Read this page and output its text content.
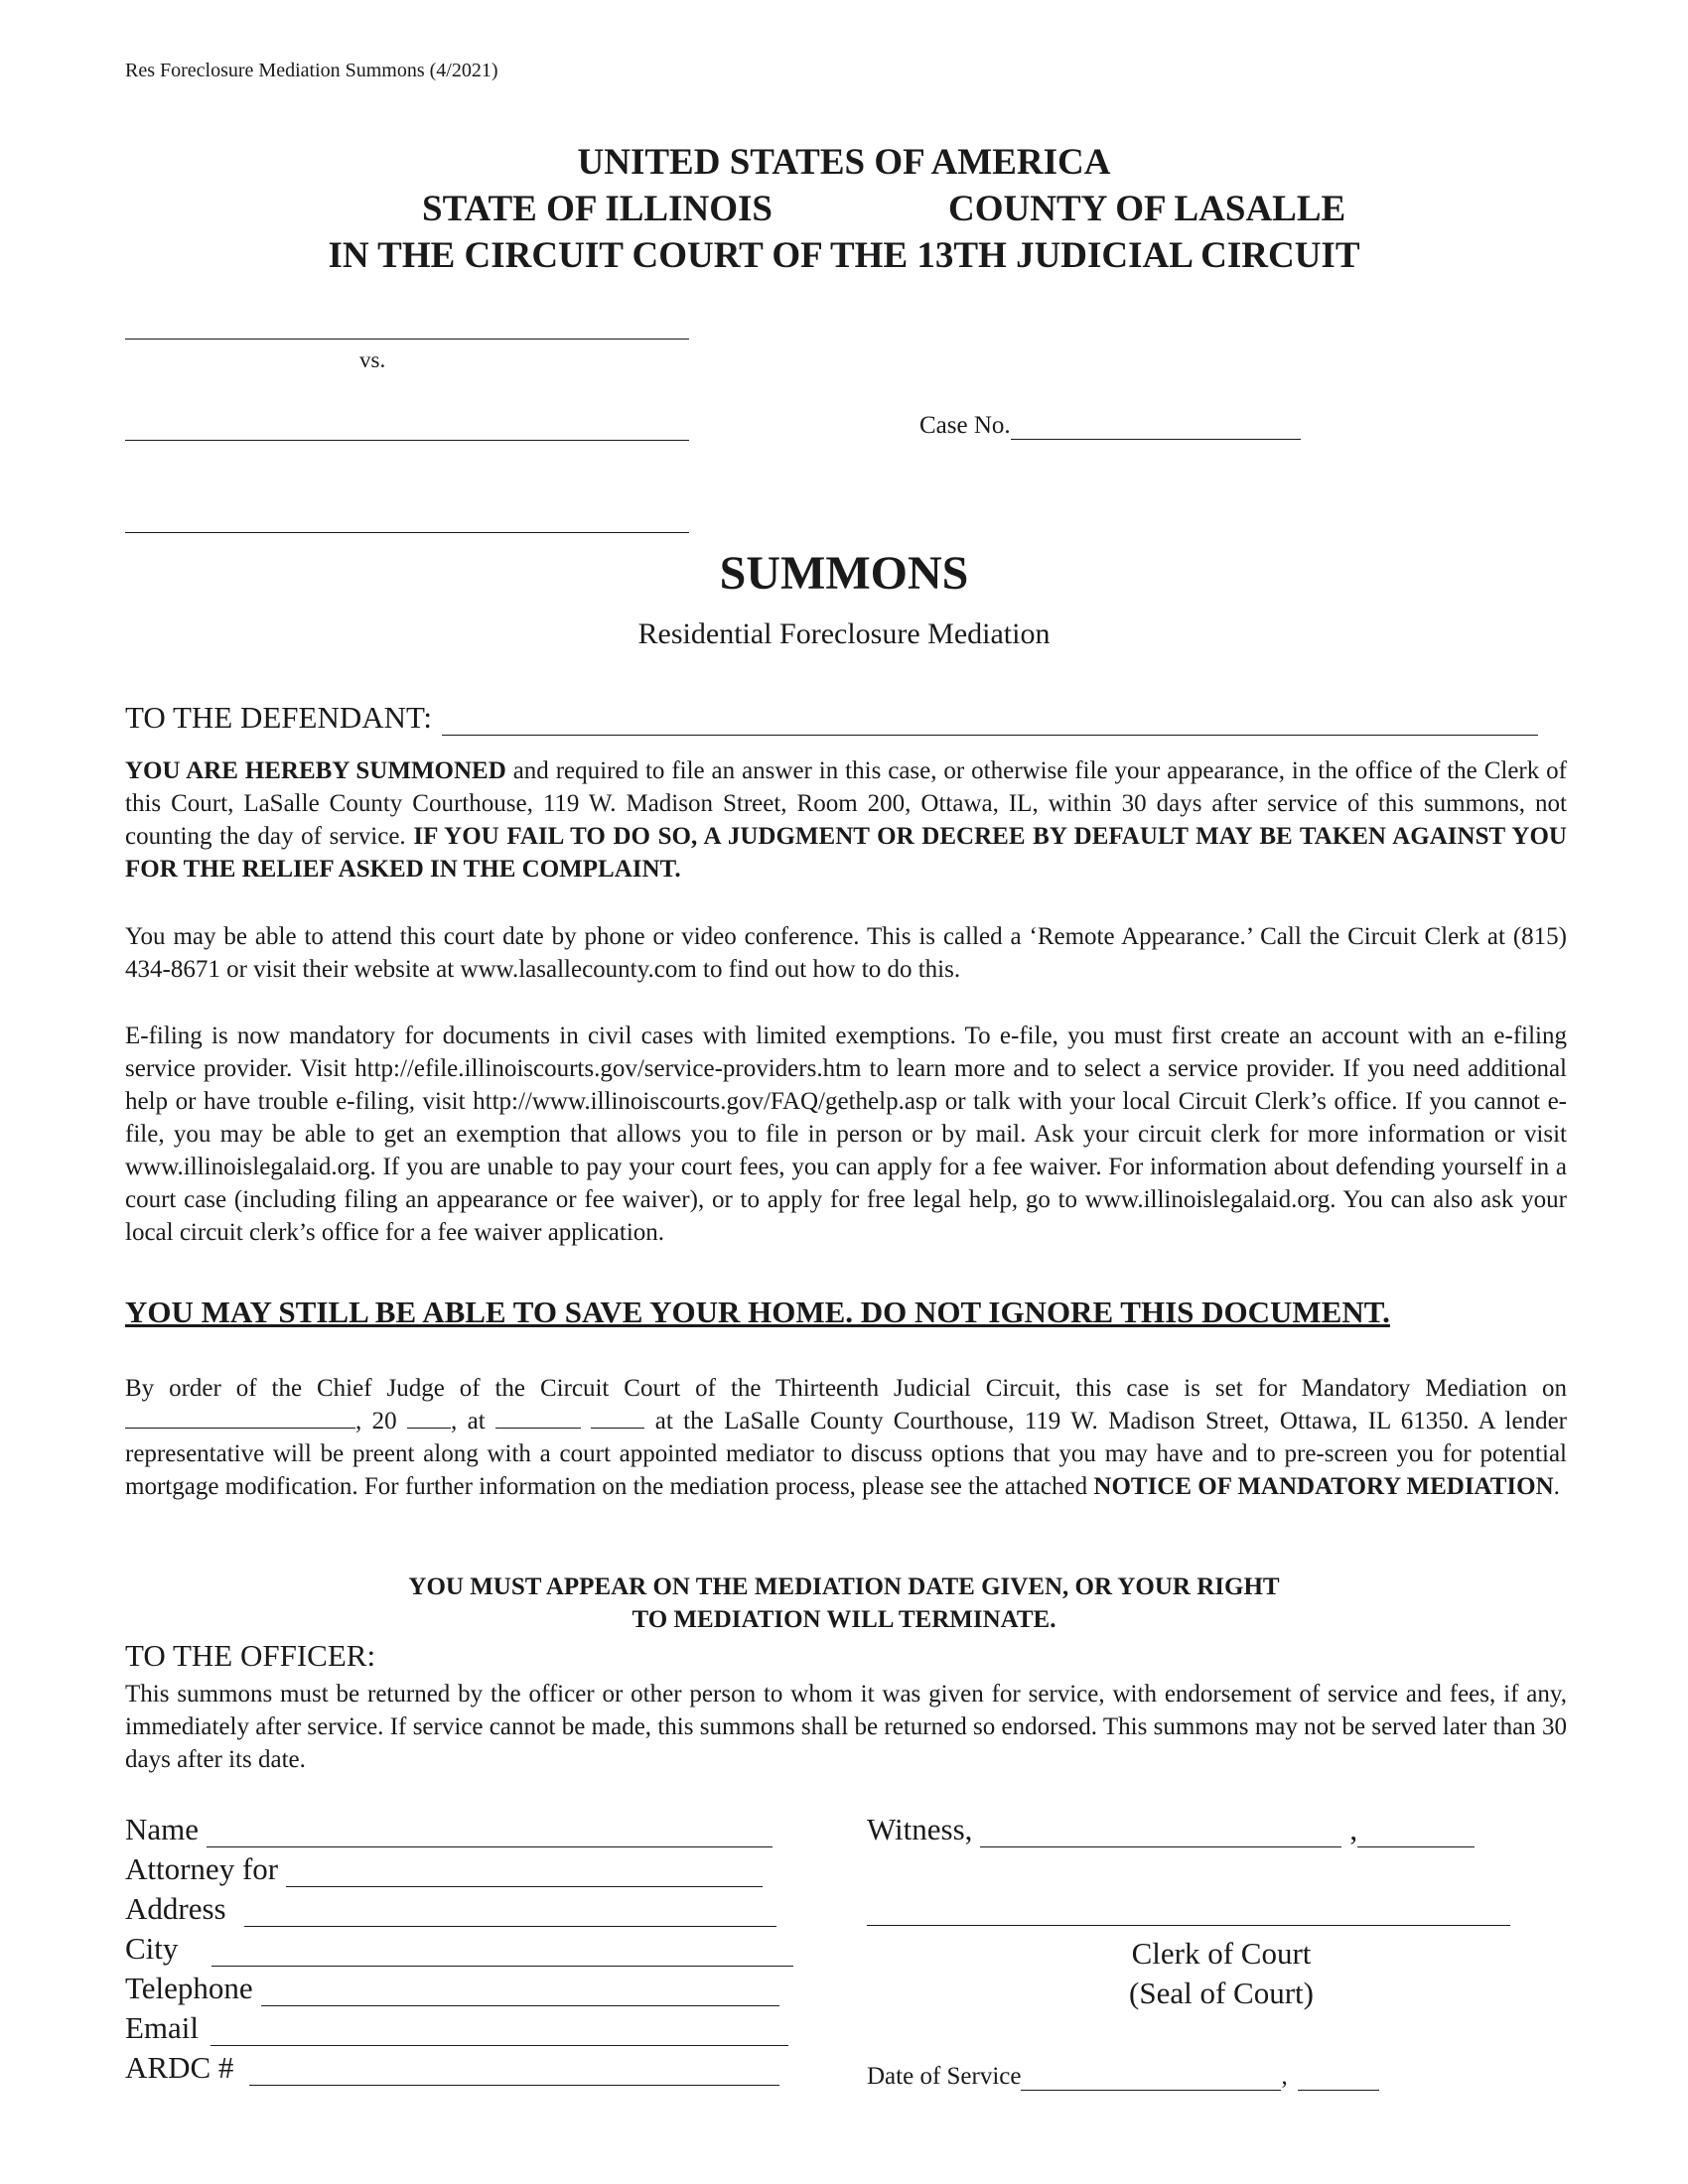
Res Foreclosure Mediation Summons (4/2021)
UNITED STATES OF AMERICA
STATE OF ILLINOIS	COUNTY OF LASALLE
IN THE CIRCUIT COURT OF THE 13TH JUDICIAL CIRCUIT
vs.
Case No.
SUMMONS
Residential Foreclosure Mediation
TO THE DEFENDANT:
YOU ARE HEREBY SUMMONED and required to file an answer in this case, or otherwise file your appearance, in the office of the Clerk of this Court, LaSalle County Courthouse, 119 W. Madison Street, Room 200, Ottawa, IL, within 30 days after service of this summons, not counting the day of service. IF YOU FAIL TO DO SO, A JUDGMENT OR DECREE BY DEFAULT MAY BE TAKEN AGAINST YOU FOR THE RELIEF ASKED IN THE COMPLAINT.
You may be able to attend this court date by phone or video conference. This is called a ‘Remote Appearance.’ Call the Circuit Clerk at (815) 434-8671 or visit their website at www.lasallecounty.com to find out how to do this.
E-filing is now mandatory for documents in civil cases with limited exemptions. To e-file, you must first create an account with an e-filing service provider. Visit http://efile.illinoiscourts.gov/service-providers.htm to learn more and to select a service provider. If you need additional help or have trouble e-filing, visit http://www.illinoiscourts.gov/FAQ/gethelp.asp or talk with your local Circuit Clerk’s office. If you cannot e-file, you may be able to get an exemption that allows you to file in person or by mail. Ask your circuit clerk for more information or visit www.illinoislegalaid.org. If you are unable to pay your court fees, you can apply for a fee waiver. For information about defending yourself in a court case (including filing an appearance or fee waiver), or to apply for free legal help, go to www.illinoislegalaid.org. You can also ask your local circuit clerk’s office for a fee waiver application.
YOU MAY STILL BE ABLE TO SAVE YOUR HOME. DO NOT IGNORE THIS DOCUMENT.
By order of the Chief Judge of the Circuit Court of the Thirteenth Judicial Circuit, this case is set for Mandatory Mediation on , 20 , at	at the LaSalle County Courthouse, 119 W. Madison Street, Ottawa, IL 61350. A lender representative will be preent along with a court appointed mediator to discuss options that you may have and to pre-screen you for potential mortgage modification. For further information on the mediation process, please see the attached NOTICE OF MANDATORY MEDIATION.
YOU MUST APPEAR ON THE MEDIATION DATE GIVEN, OR YOUR RIGHT
TO MEDIATION WILL TERMINATE.
TO THE OFFICER:
This summons must be returned by the officer or other person to whom it was given for service, with endorsement of service and fees, if any, immediately after service. If service cannot be made, this summons shall be returned so endorsed. This summons may not be served later than 30 days after its date.
Name
Attorney for
Address
City
Telephone
Email
ARDC #
Witness,	,
Clerk of Court
(Seal of Court)
Date of Service	,
